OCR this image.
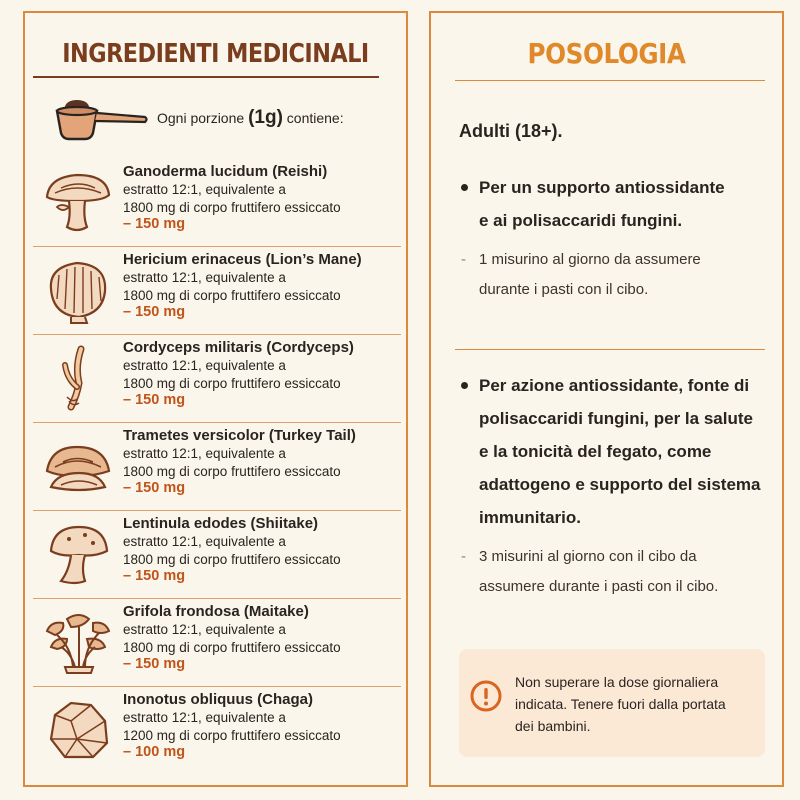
INGREDIENTI MEDICINALI
Ogni porzione (1g) contiene:
Ganoderma lucidum (Reishi)
estratto 12:1, equivalente a
1800 mg di corpo fruttifero essiccato
– 150 mg
Hericium erinaceus (Lion’s Mane)
estratto 12:1, equivalente a
1800 mg di corpo fruttifero essiccato
– 150 mg
Cordyceps militaris (Cordyceps)
estratto 12:1, equivalente a
1800 mg di corpo fruttifero essiccato
– 150 mg
Trametes versicolor (Turkey Tail)
estratto 12:1, equivalente a
1800 mg di corpo fruttifero essiccato
– 150 mg
Lentinula edodes (Shiitake)
estratto 12:1, equivalente a
1800 mg di corpo fruttifero essiccato
– 150 mg
Grifola frondosa (Maitake)
estratto 12:1, equivalente a
1800 mg di corpo fruttifero essiccato
– 150 mg
Inonotus obliquus (Chaga)
estratto 12:1, equivalente a
1200 mg di corpo fruttifero essiccato
– 100 mg
POSOLOGIA
Adulti (18+).
Per un supporto antiossidante
e ai polisaccaridi fungini.
- 1 misurino al giorno da assumere
durante i pasti con il cibo.
Per azione antiossidante, fonte di
polisaccaridi fungini, per la salute
e la tonicità del fegato, come
adattogeno e supporto del sistema
immunitario.
- 3 misurini al giorno con il cibo da
assumere durante i pasti con il cibo.
Non superare la dose giornaliera
indicata. Tenere fuori dalla portata
dei bambini.
